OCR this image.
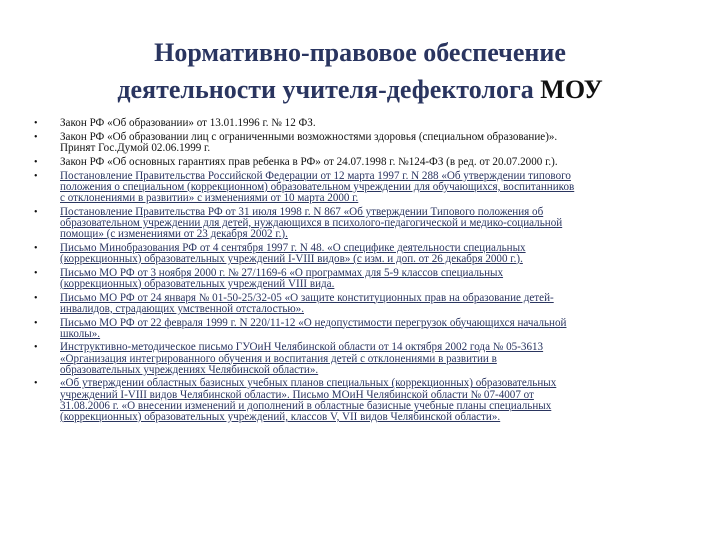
Нормативно-правовое обеспечение
деятельности учителя-дефектолога МОУ
• Закон РФ «Об образовании» от 13.01.1996 г. № 12 ФЗ.
• Закон РФ «Об образовании лиц с ограниченными возможностями здоровья (специальном образование)».
Принят Гос.Думой 02.06.1999 г.
• Закон РФ «Об основных гарантиях прав ребенка в РФ» от 24.07.1998 г. №124-ФЗ (в ред. от 20.07.2000 г.).
• Постановление Правительства Российской Федерации от 12 марта 1997 г. N 288 «Об утверждении типового
положения о специальном (коррекционном) образовательном учреждении для обучающихся, воспитанников
с отклонениями в развитии» с изменениями от 10 марта 2000 г.
• Постановление Правительства РФ от 31 июля 1998 г. N 867 «Об утверждении Типового положения об
образовательном учреждении для детей, нуждающихся в психолого-педагогической и медико-социальной
помощи» (с изменениями от 23 декабря 2002 г.).
• Письмо Минобразования РФ от 4 сентября 1997 г. N 48. «О специфике деятельности специальных
(коррекционных) образовательных учреждений I-VIII видов» (с изм. и доп. от 26 декабря 2000 г.).
• Письмо МО РФ от 3 ноября 2000 г. № 27/1169-6 «О программах для 5-9 классов специальных
(коррекционных) образовательных учреждений VIII вида.
• Письмо МО РФ от 24 января № 01-50-25/32-05 «О защите конституционных прав на образование детей-
инвалидов, страдающих умственной отсталостью».
• Письмо МО РФ от 22 февраля 1999 г. N 220/11-12 «О недопустимости перегрузок обучающихся начальной
школы».
• Инструктивно-методическое письмо ГУОиН Челябинской области от 14 октября 2002 года № 05-3613
«Организация интегрированного обучения и воспитания детей с отклонениями в развитии в
образовательных учреждениях Челябинской области».
• «Об утверждении областных базисных учебных планов специальных (коррекционных) образовательных
учреждений I-VIII видов Челябинской области». Письмо МОиН Челябинской области № 07-4007 от
31.08.2006 г. «О внесении изменений и дополнений в областные базисные учебные планы специальных
(коррекционных) образовательных учреждений, классов V, VII видов Челябинской области».
